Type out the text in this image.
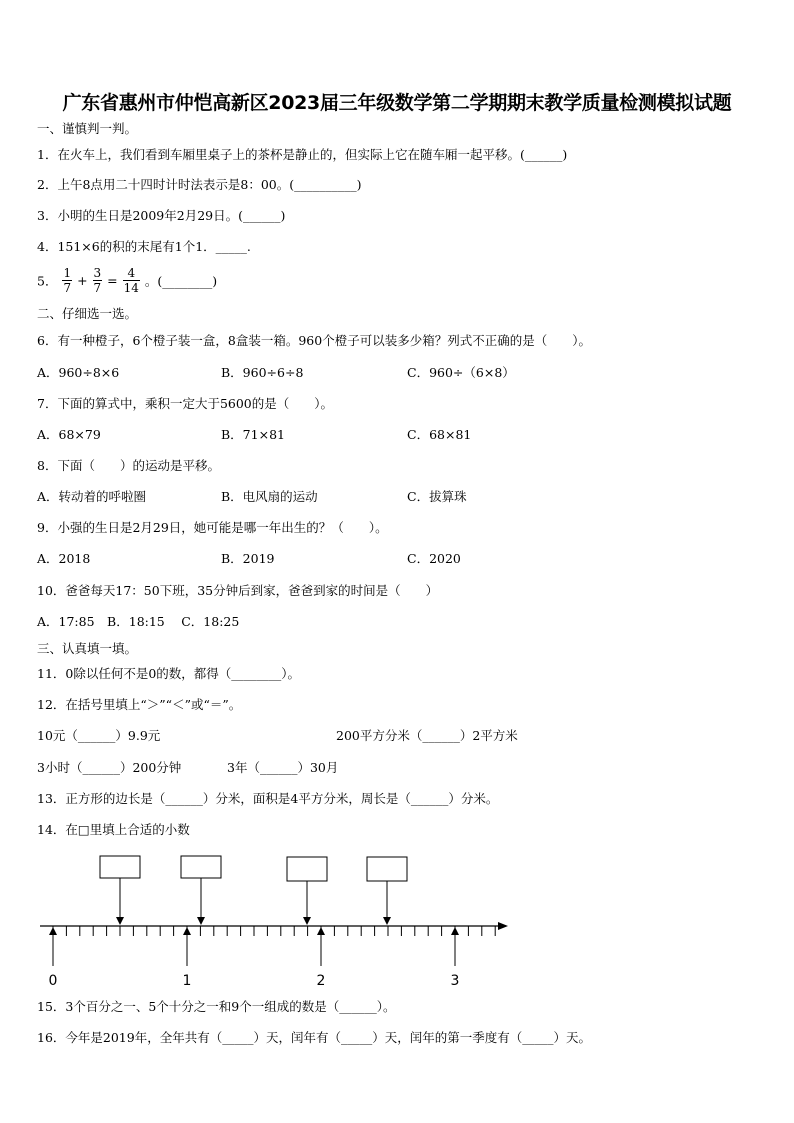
广东省惠州市仲恺高新区2023届三年级数学第二学期期末教学质量检测模拟试题
一、谨慎判一判。
1．在火车上，我们看到车厢里桌子上的茶杯是静止的，但实际上它在随车厢一起平移。(______)
2．上午8点用二十四时计时法表示是8：00。(__________)
3．小明的生日是2009年2月29日。(______)
4．151×6的积的末尾有1个1．_____.
5． $\frac{1}{7} + \frac{3}{7} = \frac{4}{14}$ 。(________)
二、仔细选一选。
6．有一种橙子，6个橙子装一盒，8盒装一箱。960个橙子可以装多少箱？列式不正确的是（　　）。
A．960÷8×6	B．960÷6÷8	C．960÷（6×8）
7．下面的算式中，乘积一定大于5600的是（　　）。
A．68×79	B．71×81	C．68×81
8．下面（　　）的运动是平移。
A．转动着的呼啦圈	B．电风扇的运动	C．拔算珠
9．小强的生日是2月29日，她可能是哪一年出生的？（　　）。
A．2018	B．2019	C．2020
10．爸爸每天17：50下班，35分钟后到家，爸爸到家的时间是（　　）
A．17:85　B．18:15　 C．18:25
三、认真填一填。
11．0除以任何不是0的数，都得（________）。
12．在括号里填上“＞”“＜”或“＝”。
10元（______）9.9元	200平方分米（______）2平方米
3小时（______）200分钟	3年（______）30月
13．正方形的边长是（______）分米，面积是4平方分米，周长是（______）分米。
14．在□里填上合适的小数
0	1	2	3
15．3个百分之一、5个十分之一和9个一组成的数是（______）。
16．今年是2019年，全年共有（_____）天，闰年有（_____）天，闰年的第一季度有（_____）天。
